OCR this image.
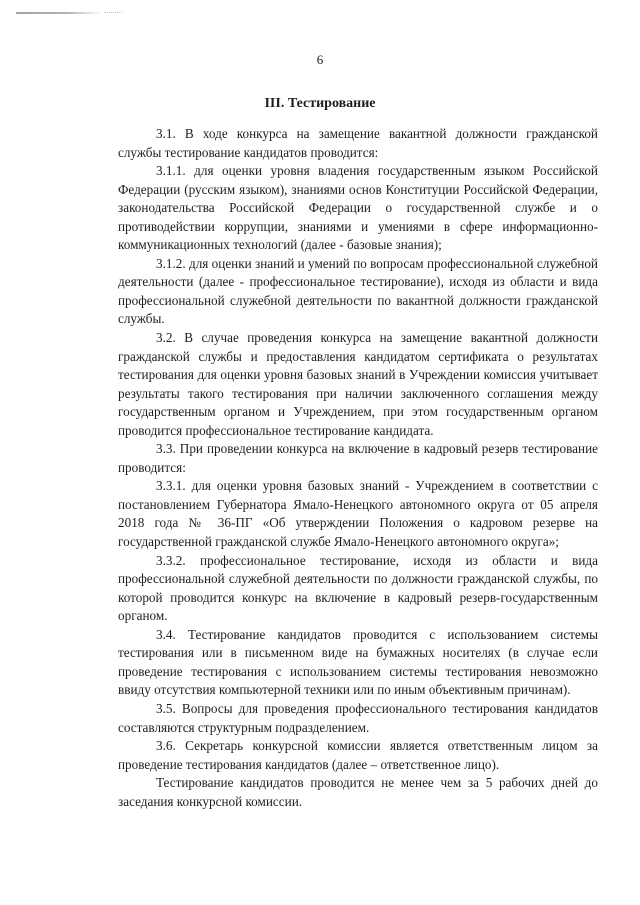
6
III. Тестирование

3.1. В ходе конкурса на замещение вакантной должности гражданской службы тестирование кандидатов проводится:

3.1.1. для оценки уровня владения государственным языком Российской Федерации (русским языком), знаниями основ Конституции Российской Федерации, законодательства Российской Федерации о государственной службе и о противодействии коррупции, знаниями и умениями в сфере информационно-коммуникационных технологий (далее - базовые знания);

3.1.2. для оценки знаний и умений по вопросам профессиональной служебной деятельности (далее - профессиональное тестирование), исходя из области и вида профессиональной служебной деятельности по вакантной должности гражданской службы.

3.2. В случае проведения конкурса на замещение вакантной должности гражданской службы и предоставления кандидатом сертификата о результатах тестирования для оценки уровня базовых знаний в Учреждении комиссия учитывает результаты такого тестирования при наличии заключенного соглашения между государственным органом и Учреждением, при этом государственным органом проводится профессиональное тестирование кандидата.

3.3. При проведении конкурса на включение в кадровый резерв тестирование проводится:

3.3.1. для оценки уровня базовых знаний - Учреждением в соответствии с постановлением Губернатора Ямало-Ненецкого автономного округа от 05 апреля 2018 года № 36-ПГ «Об утверждении Положения о кадровом резерве на государственной гражданской службе Ямало-Ненецкого автономного округа»;

3.3.2. профессиональное тестирование, исходя из области и вида профессиональной служебной деятельности по должности гражданской службы, по которой проводится конкурс на включение в кадровый резерв-государственным органом.

3.4. Тестирование кандидатов проводится с использованием системы тестирования или в письменном виде на бумажных носителях (в случае если проведение тестирования с использованием системы тестирования невозможно ввиду отсутствия компьютерной техники или по иным объективным причинам).

3.5. Вопросы для проведения профессионального тестирования кандидатов составляются структурным подразделением.

3.6. Секретарь конкурсной комиссии является ответственным лицом за проведение тестирования кандидатов (далее – ответственное лицо).

Тестирование кандидатов проводится не менее чем за 5 рабочих дней до заседания конкурсной комиссии.
